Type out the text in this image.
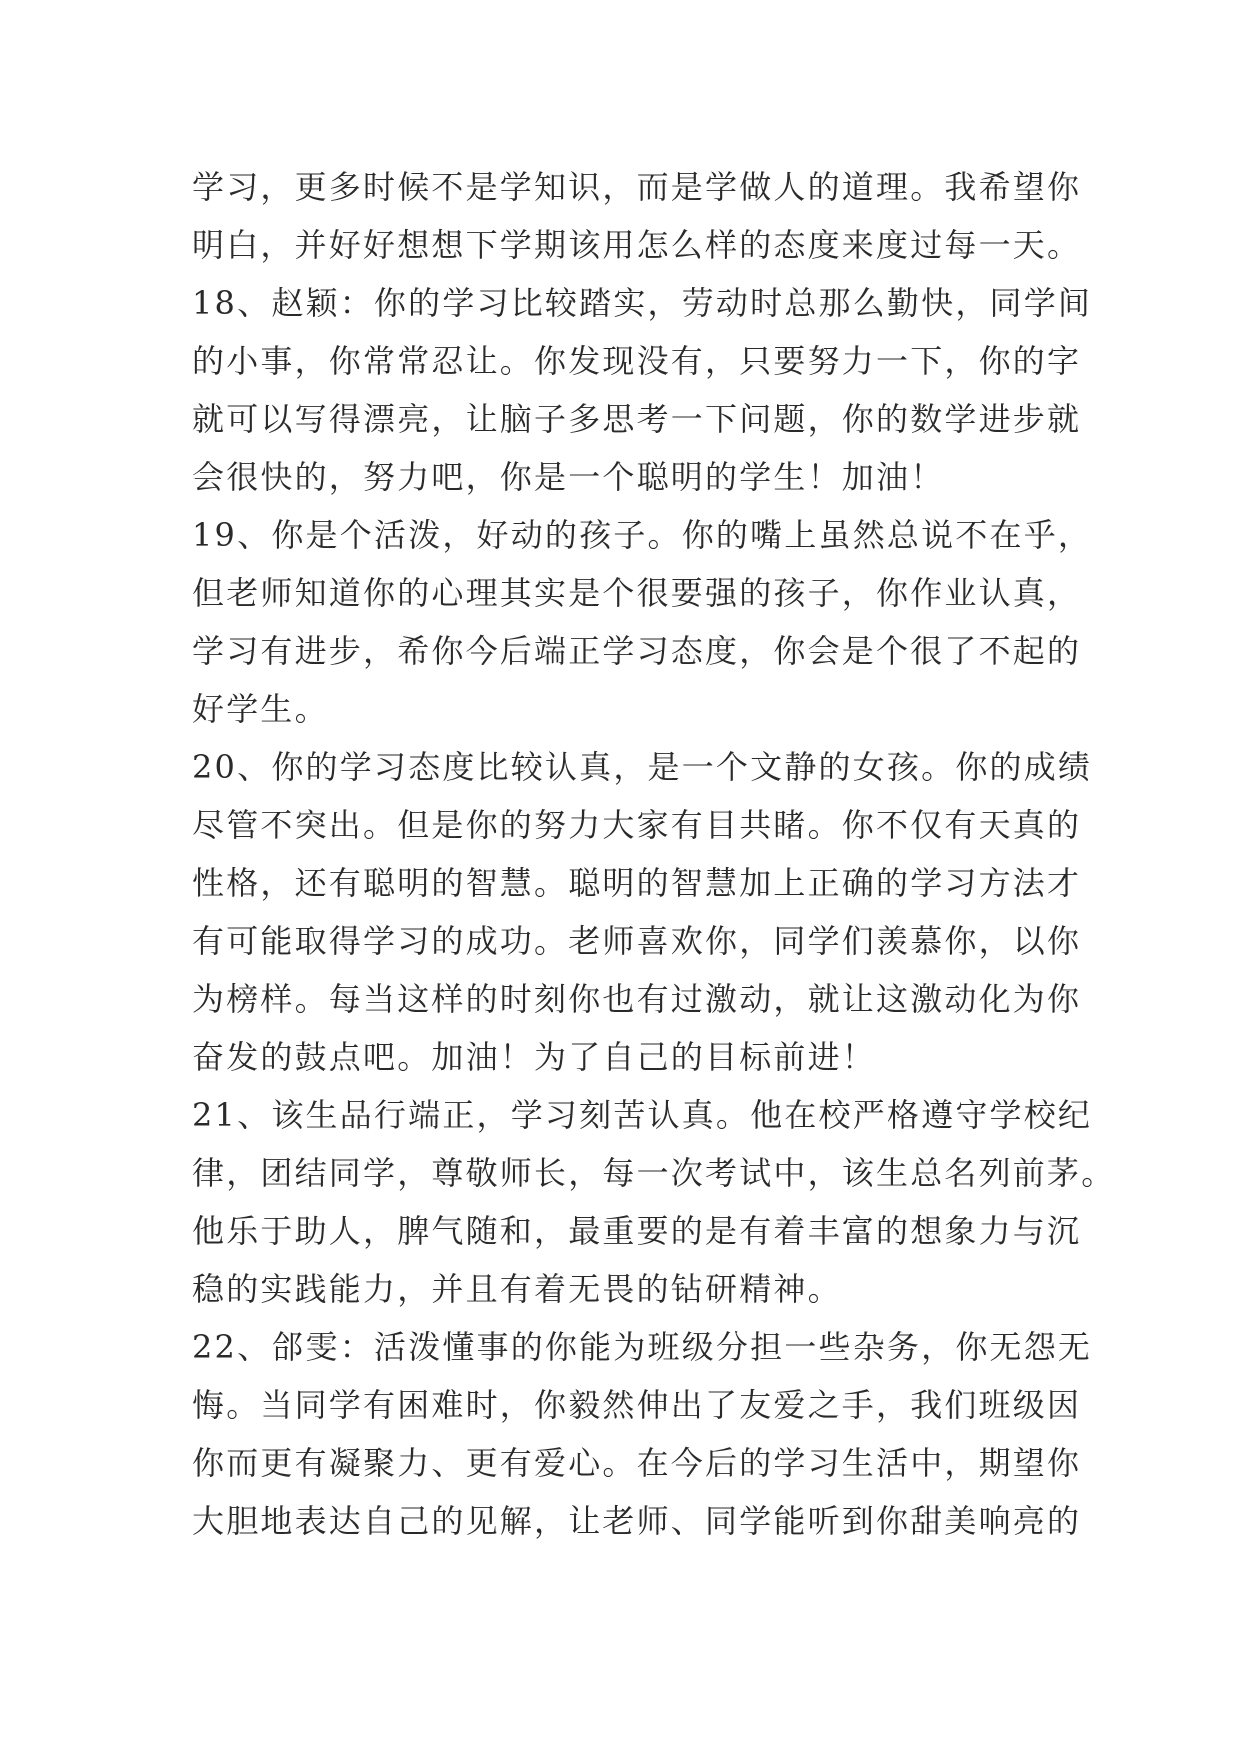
学习，更多时候不是学知识，而是学做人的道理。我希望你
明白，并好好想想下学期该用怎么样的态度来度过每一天。
18、赵颖：你的学习比较踏实，劳动时总那么勤快，同学间
的小事，你常常忍让。你发现没有，只要努力一下，你的字
就可以写得漂亮，让脑子多思考一下问题，你的数学进步就
会很快的，努力吧，你是一个聪明的学生！加油！
19、你是个活泼，好动的孩子。你的嘴上虽然总说不在乎，
但老师知道你的心理其实是个很要强的孩子，你作业认真，
学习有进步，希你今后端正学习态度，你会是个很了不起的
好学生。
20、你的学习态度比较认真，是一个文静的女孩。你的成绩
尽管不突出。但是你的努力大家有目共睹。你不仅有天真的
性格，还有聪明的智慧。聪明的智慧加上正确的学习方法才
有可能取得学习的成功。老师喜欢你，同学们羡慕你，以你
为榜样。每当这样的时刻你也有过激动，就让这激动化为你
奋发的鼓点吧。加油！为了自己的目标前进！
21、该生品行端正，学习刻苦认真。他在校严格遵守学校纪
律，团结同学，尊敬师长，每一次考试中，该生总名列前茅。
他乐于助人，脾气随和，最重要的是有着丰富的想象力与沉
稳的实践能力，并且有着无畏的钻研精神。
22、郃雯：活泼懂事的你能为班级分担一些杂务，你无怨无
悔。当同学有困难时，你毅然伸出了友爱之手，我们班级因
你而更有凝聚力、更有爱心。在今后的学习生活中，期望你
大胆地表达自己的见解，让老师、同学能听到你甜美响亮的
